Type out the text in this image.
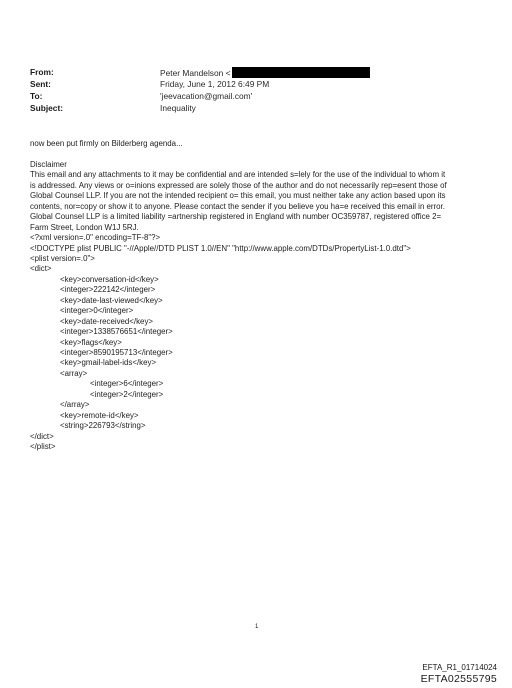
From:	Peter Mandelson <
Sent:	Friday, June 1, 2012 6:49 PM
To:	'jeevacation@gmail.com'
Subject:	Inequality
now been put firmly on Bilderberg agenda...
Disclaimer
This email and any attachments to it may be confidential and are intended s=lely for the use of the individual to whom it
is addressed. Any views or o=inions expressed are solely those of the author and do not necessarily rep=esent those of
Global Counsel LLP. If you are not the intended recipient o= this email, you must neither take any action based upon its
contents, nor=copy or show it to anyone. Please contact the sender if you believe you ha=e received this email in error.
Global Counsel LLP is a limited liability =artnership registered in England with number OC359787, registered office 2=
Farm Street, London W1J 5RJ.
<?xml version=.0" encoding=TF-8"?>
<!DOCTYPE plist PUBLIC "-//Apple//DTD PLIST 1.0//EN" "http://www.apple.com/DTDs/PropertyList-1.0.dtd">
<plist version=.0">
<dict>
<key>conversation-id</key>
<integer>222142</integer>
<key>date-last-viewed</key>
<integer>0</integer>
<key>date-received</key>
<integer>1338576651</integer>
<key>flags</key>
<integer>8590195713</integer>
<key>gmail-label-ids</key>
<array>
<integer>6</integer>
<integer>2</integer>
</array>
<key>remote-id</key>
<string>226793</string>
</dict>
</plist>
1
EFTA_R1_01714024
EFTA02555795
